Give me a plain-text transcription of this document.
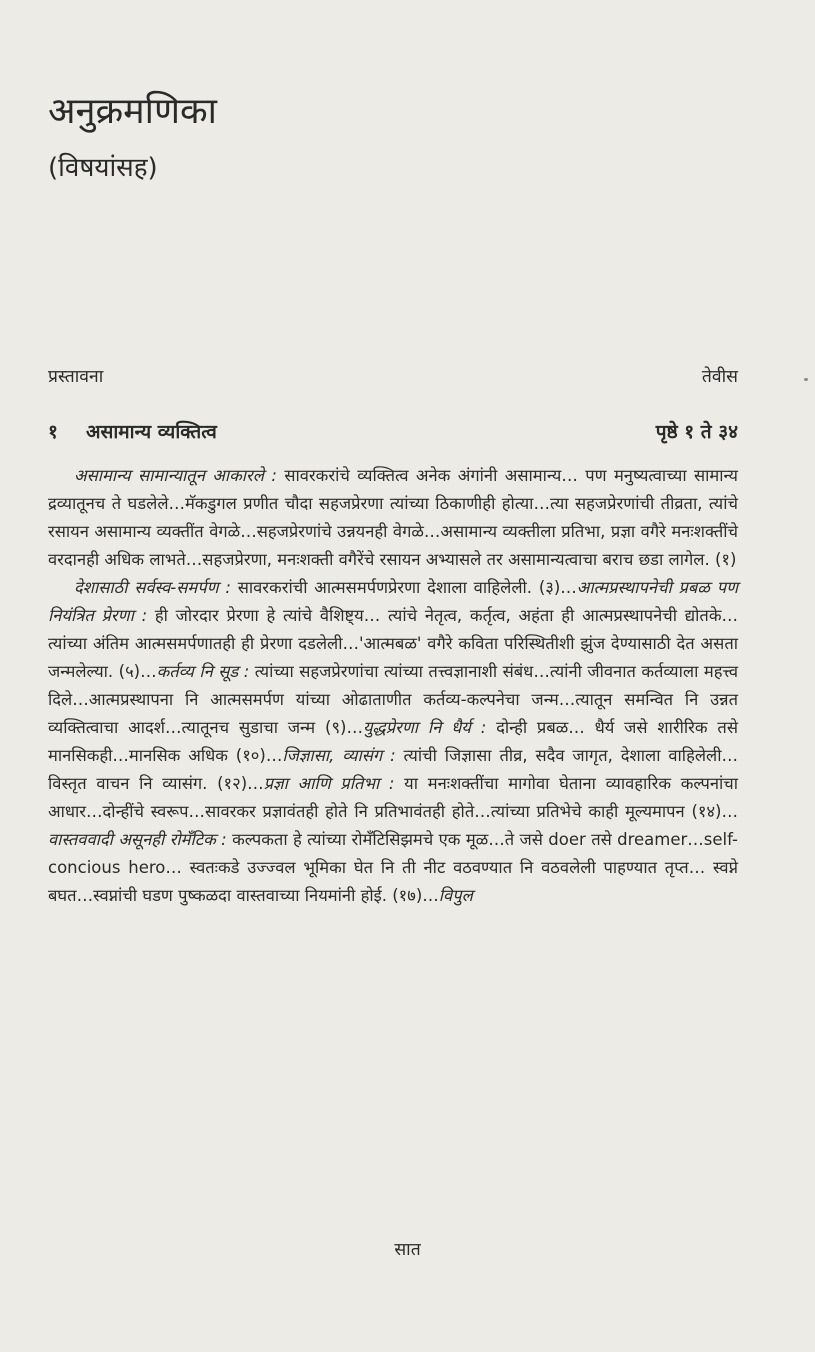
अनुक्रमणिका
(विषयांसह)
प्रस्तावना	तेवीस
१ असामान्य व्यक्तित्व	पृष्ठे १ ते ३४

असामान्य सामान्यातून आकारले : सावरकरांचे व्यक्तित्व अनेक अंगांनी असामान्य… पण मनुष्यत्वाच्या सामान्य द्रव्यातूनच ते घडलेले…मॅकडुगल प्रणीत चौदा सहजप्रेरणा त्यांच्या ठिकाणीही होत्या…त्या सहजप्रेरणांची तीव्रता, त्यांचे रसायन असामान्य व्यक्तींत वेगळे…सहजप्रेरणांचे उन्नयनही वेगळे…असामान्य व्यक्तीला प्रतिभा, प्रज्ञा वगैरे मनःशक्तींचे वरदानही अधिक लाभते…सहजप्रेरणा, मनःशक्ती वगैरेंचे रसायन अभ्यासले तर असामान्यत्वाचा बराच छडा लागेल. (१)

देशासाठी सर्वस्व-समर्पण : सावरकरांची आत्मसमर्पणप्रेरणा देशाला वाहिलेली. (३)…आत्मप्रस्थापनेची प्रबळ पण नियंत्रित प्रेरणा : ही जोरदार प्रेरणा हे त्यांचे वैशिष्ट्य… त्यांचे नेतृत्व, कर्तृत्व, अहंता ही आत्मप्रस्थापनेची द्योतके…त्यांच्या अंतिम आत्मसमर्पणातही ही प्रेरणा दडलेली…'आत्मबळ' वगैरे कविता परिस्थितीशी झुंज देण्यासाठी देत असता जन्मलेल्या. (५)…कर्तव्य नि सूड : त्यांच्या सहजप्रेरणांचा त्यांच्या तत्त्वज्ञानाशी संबंध…त्यांनी जीवनात कर्तव्याला महत्त्व दिले…आत्मप्रस्थापना नि आत्मसमर्पण यांच्या ओढाताणीत कर्तव्य-कल्पनेचा जन्म…त्यातून समन्वित नि उन्नत व्यक्तित्वाचा आदर्श…त्यातूनच सुडाचा जन्म (९)…युद्धप्रेरणा नि धैर्य : दोन्ही प्रबळ… धैर्य जसे शारीरिक तसे मानसिकही…मानसिक अधिक (१०)…जिज्ञासा, व्यासंग : त्यांची जिज्ञासा तीव्र, सदैव जागृत, देशाला वाहिलेली…विस्तृत वाचन नि व्यासंग. (१२)…प्रज्ञा आणि प्रतिभा : या मनःशक्तींचा मागोवा घेताना व्यावहारिक कल्पनांचा आधार…दोन्हींचे स्वरूप…सावरकर प्रज्ञावंतही होते नि प्रतिभावंतही होते…त्यांच्या प्रतिभेचे काही मूल्यमापन (१४)…वास्तववादी असूनही रोमँटिक : कल्पकता हे त्यांच्या रोमँटिसिझमचे एक मूळ…ते जसे doer तसे dreamer…self-concious hero… स्वतःकडे उज्ज्वल भूमिका घेत नि ती नीट वठवण्यात नि वठवलेली पाहण्यात तृप्त… स्वप्ने बघत…स्वप्नांची घडण पुष्कळदा वास्तवाच्या नियमांनी होई. (१७)…विपुल

सात
